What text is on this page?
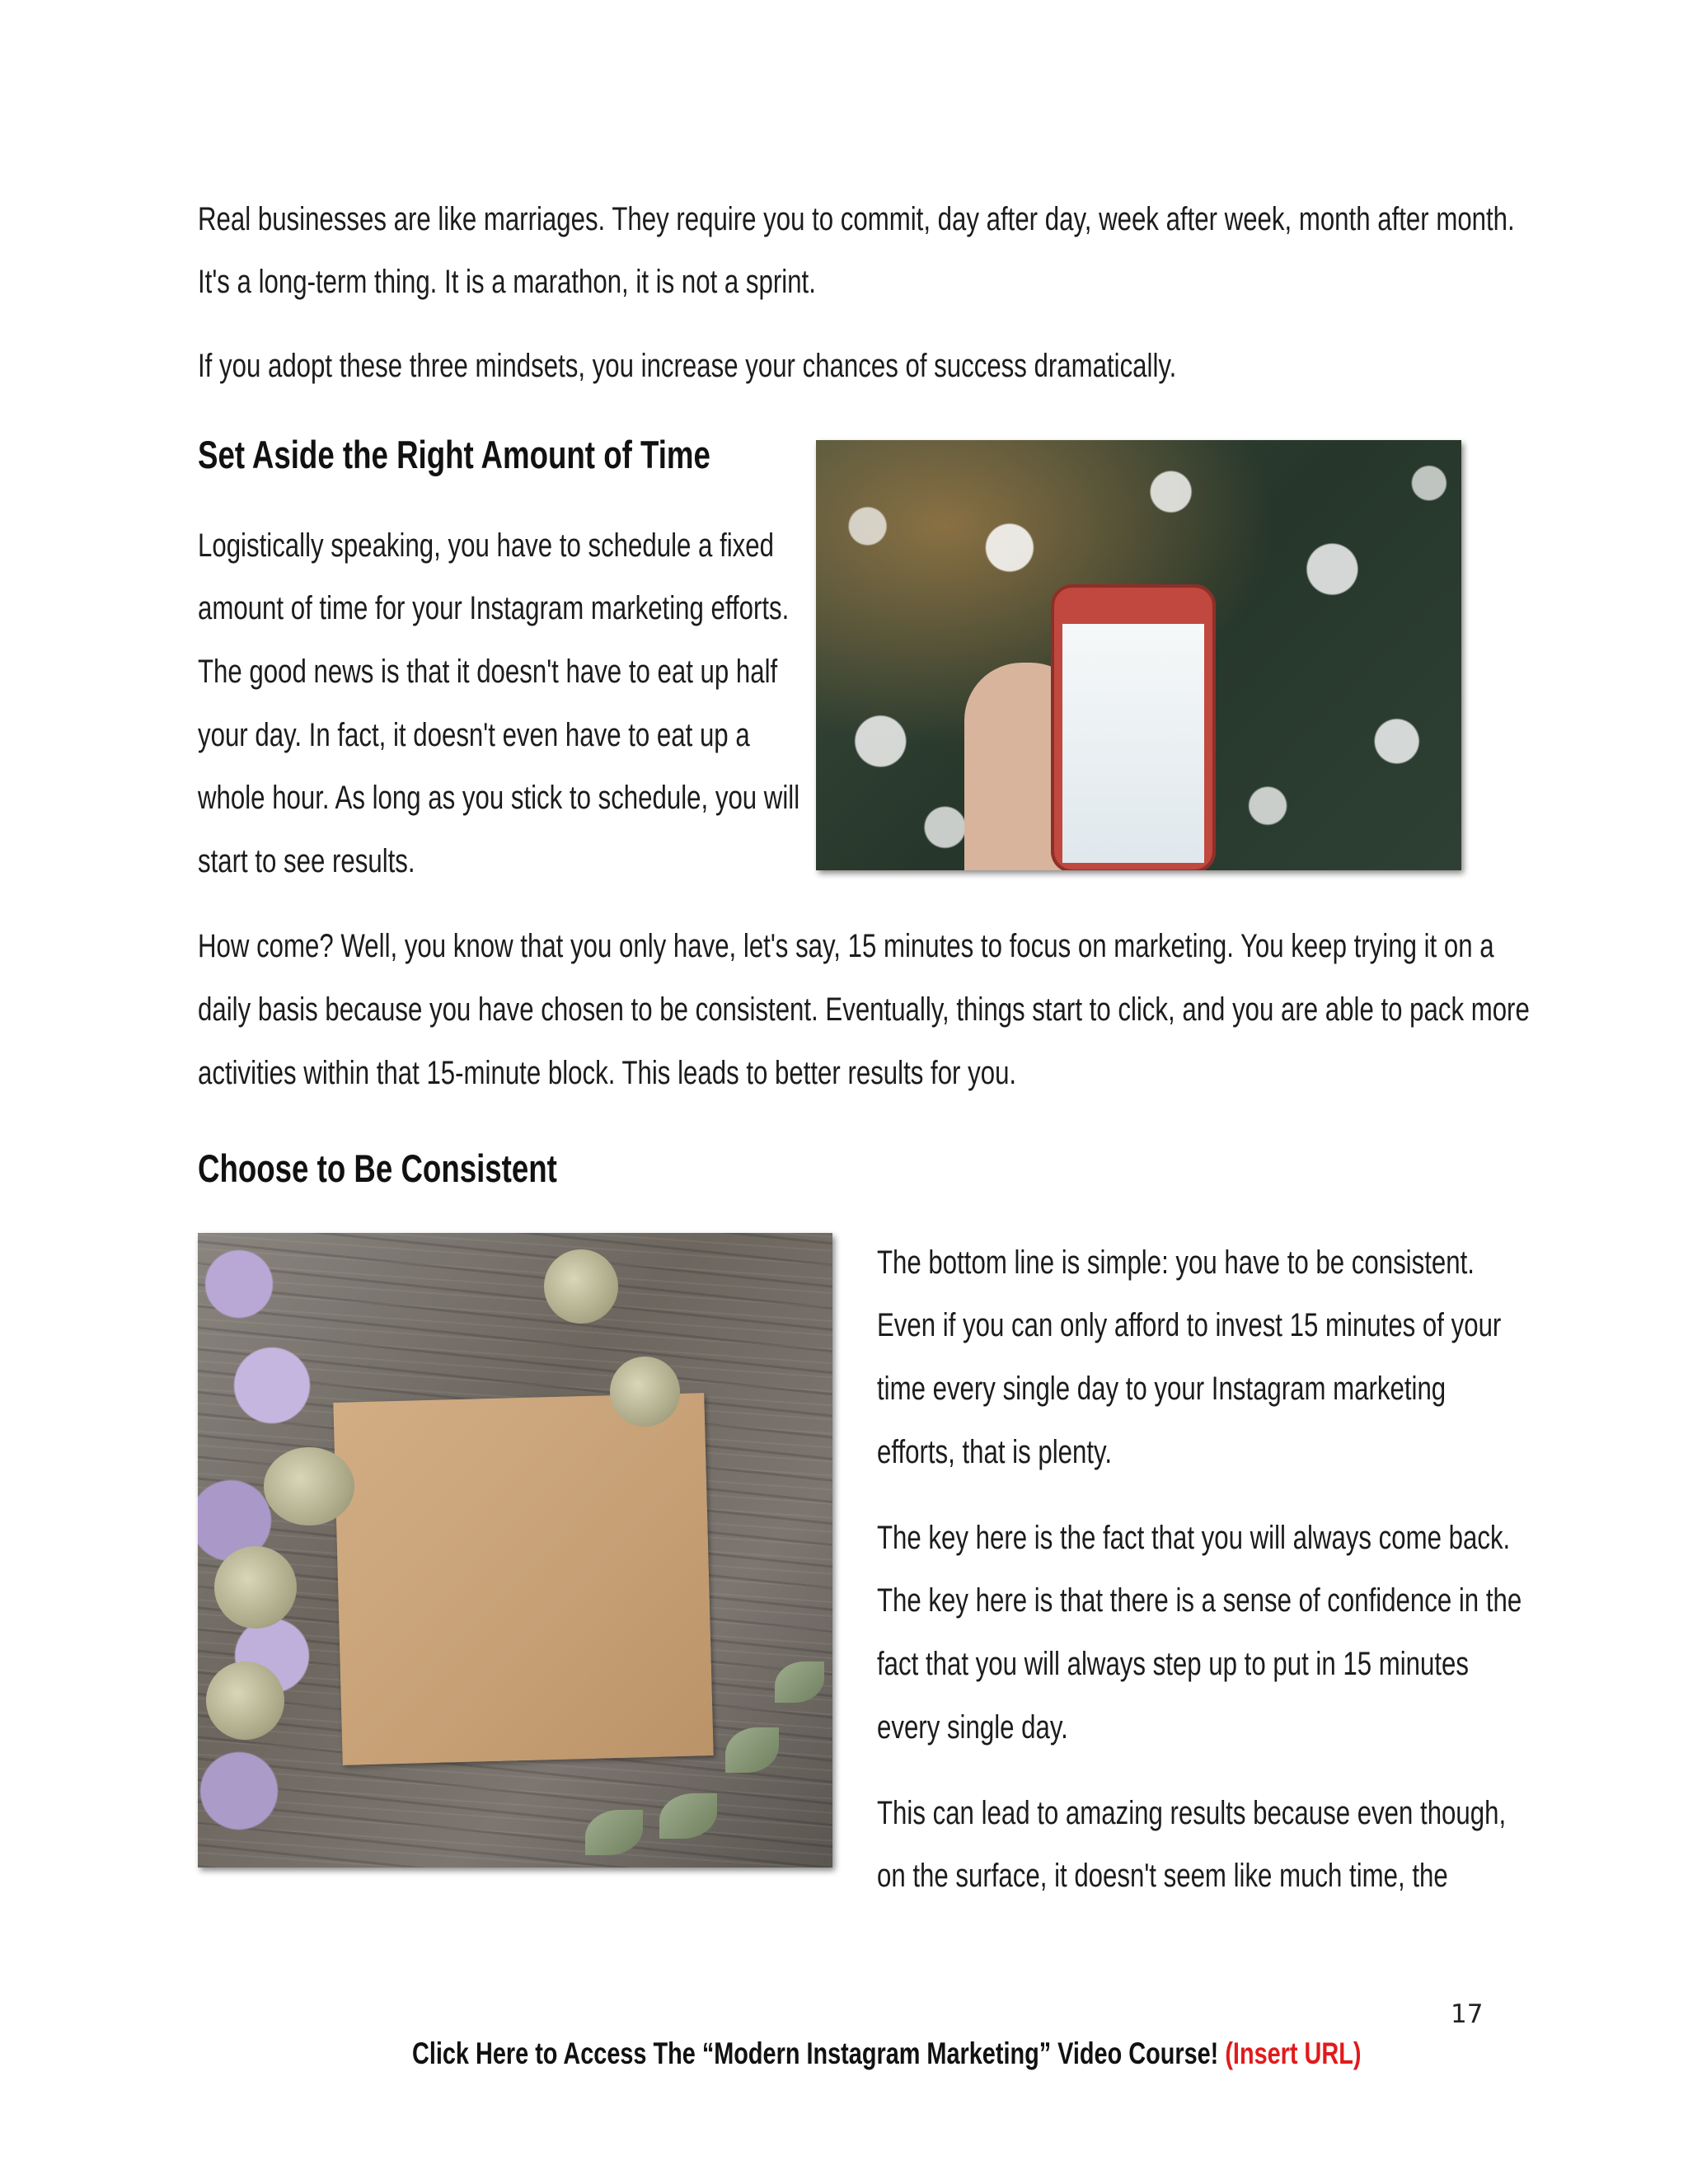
Real businesses are like marriages. They require you to commit, day after day, week after week, month after month.

It's a long-term thing. It is a marathon, it is not a sprint.

If you adopt these three mindsets, you increase your chances of success dramatically.

Set Aside the Right Amount of Time

Logistically speaking, you have to schedule a fixed

amount of time for your Instagram marketing efforts.

The good news is that it doesn't have to eat up half

your day. In fact, it doesn't even have to eat up a

whole hour. As long as you stick to schedule, you will

start to see results.

How come? Well, you know that you only have, let's say, 15 minutes to focus on marketing. You keep trying it on a

daily basis because you have chosen to be consistent. Eventually, things start to click, and you are able to pack more

activities within that 15-minute block. This leads to better results for you.

Choose to Be Consistent

The bottom line is simple: you have to be consistent.

Even if you can only afford to invest 15 minutes of your

time every single day to your Instagram marketing

efforts, that is plenty.

The key here is the fact that you will always come back.

The key here is that there is a sense of confidence in the

fact that you will always step up to put in 15 minutes

every single day.

This can lead to amazing results because even though,

on the surface, it doesn't seem like much time, the

17
Click Here to Access The “Modern Instagram Marketing” Video Course! (Insert URL)
